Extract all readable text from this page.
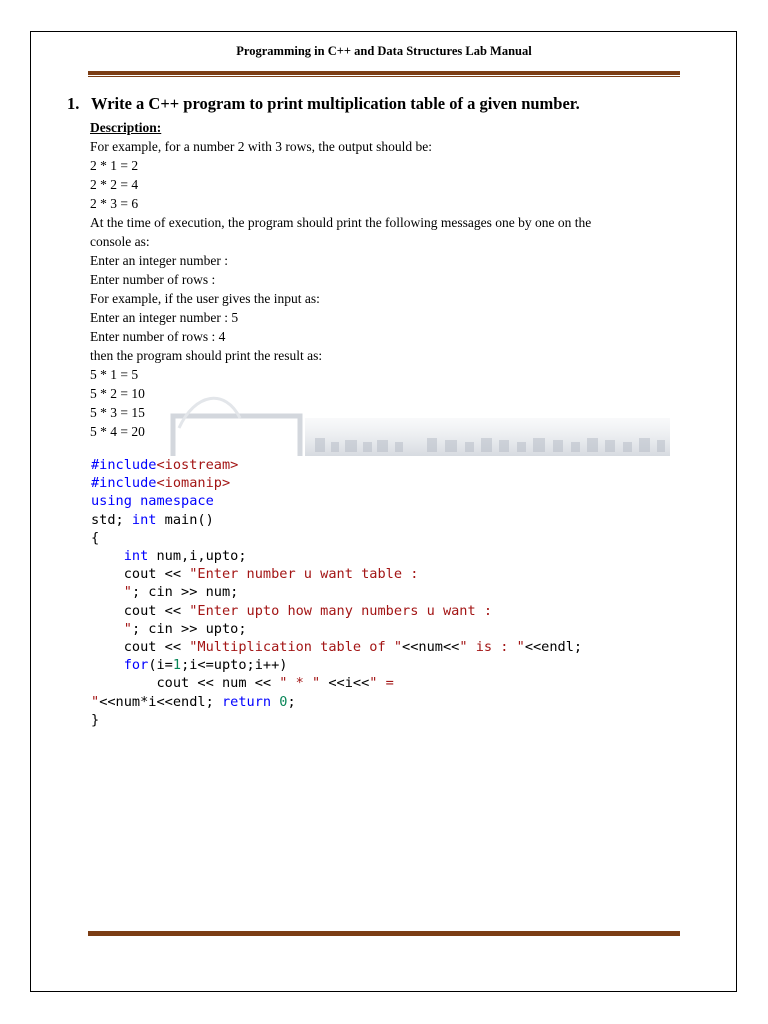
Programming in C++ and Data Structures Lab Manual
1. Write a C++ program to print multiplication table of a given number.
Description:
For example, for a number 2 with 3 rows, the output should be:
2 * 1 = 2
2 * 2 = 4
2 * 3 = 6
At the time of execution, the program should print the following messages one by one on the
console as:
Enter an integer number :
Enter number of rows :
For example, if the user gives the input as:
Enter an integer number : 5
Enter number of rows : 4
then the program should print the result as:
5 * 1 = 5
5 * 2 = 10
5 * 3 = 15
5 * 4 = 20
#include<iostream>
#include<iomanip>
using namespace
std; int main()
{
int num,i,upto;
cout << "Enter number u want table :
"; cin >> num;
cout << "Enter upto how many numbers u want :
"; cin >> upto;
cout << "Multiplication table of "<<num<<" is : "<<endl;
for(i=1;i<=upto;i++)
cout << num << " * " <<i<<" =
"<<num*i<<endl; return 0;
}
